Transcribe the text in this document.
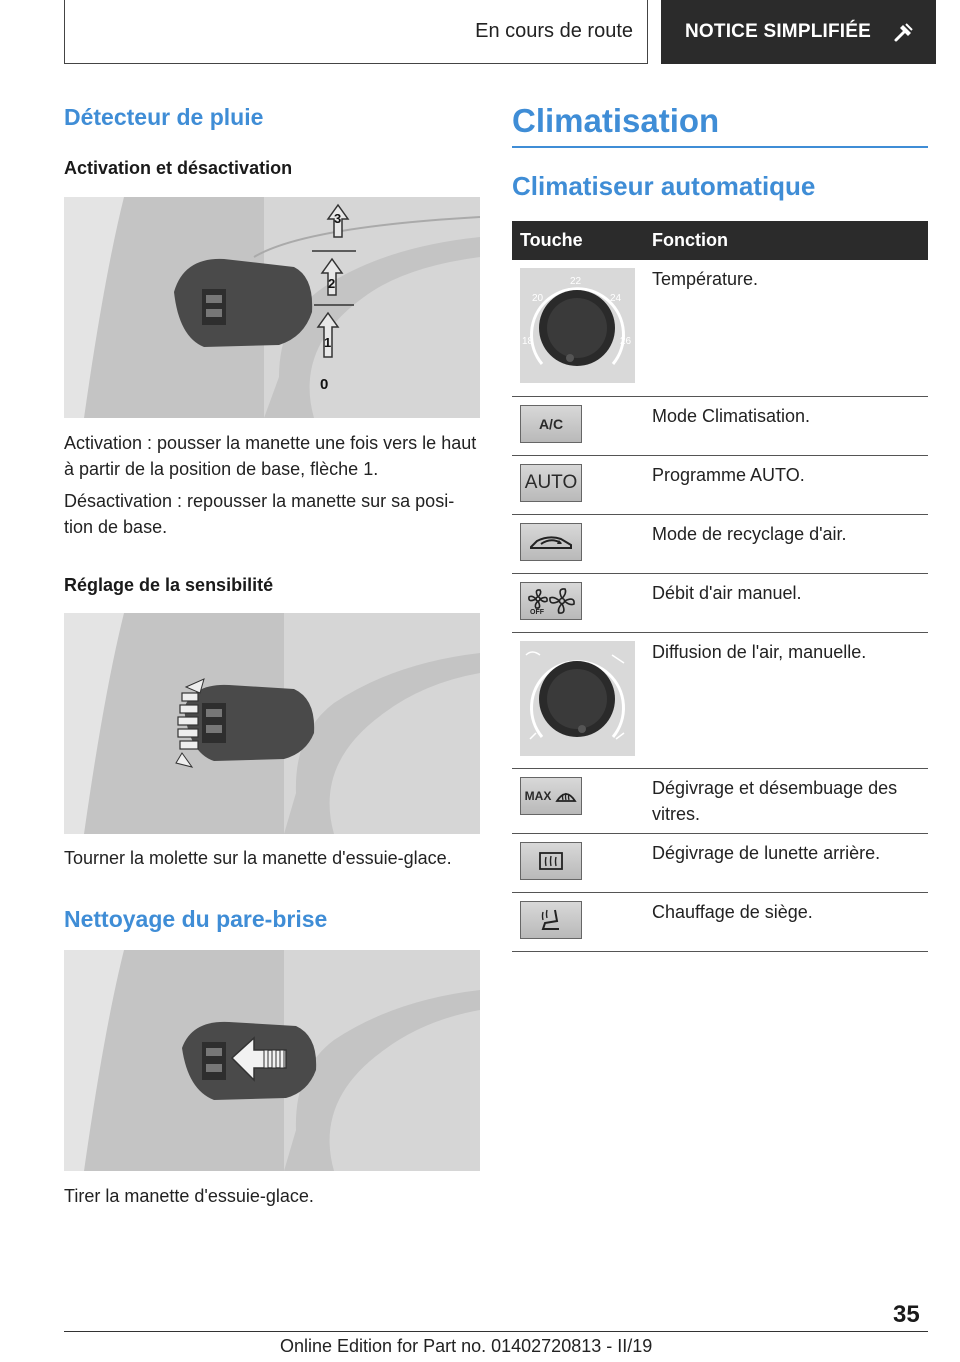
En cours de route	NOTICE SIMPLIFIÉE
Détecteur de pluie
Activation et désactivation
3
2
1
0
Activation : pousser la manette une fois vers le haut à partir de la position de base, flèche 1.
Désactivation : repousser la manette sur sa posi-tion de base.
Réglage de la sensibilité
Tourner la molette sur la manette d'essuie-glace.
Nettoyage du pare-brise
Tirer la manette d'essuie-glace.
Climatisation
Climatiseur automatique
Touche	Fonction

18
20
22
24
26	Température.

A/C	Mode Climatisation.

AUTO	Programme AUTO.

	Mode de recyclage d'air.

OFF	Débit d'air manuel.

	Diffusion de l'air, manuelle.

MAX	Dégivrage et désembuage des vitres.

	Dégivrage de lunette arrière.

	Chauffage de siège.
35
Online Edition for Part no. 01402720813 - II/19
